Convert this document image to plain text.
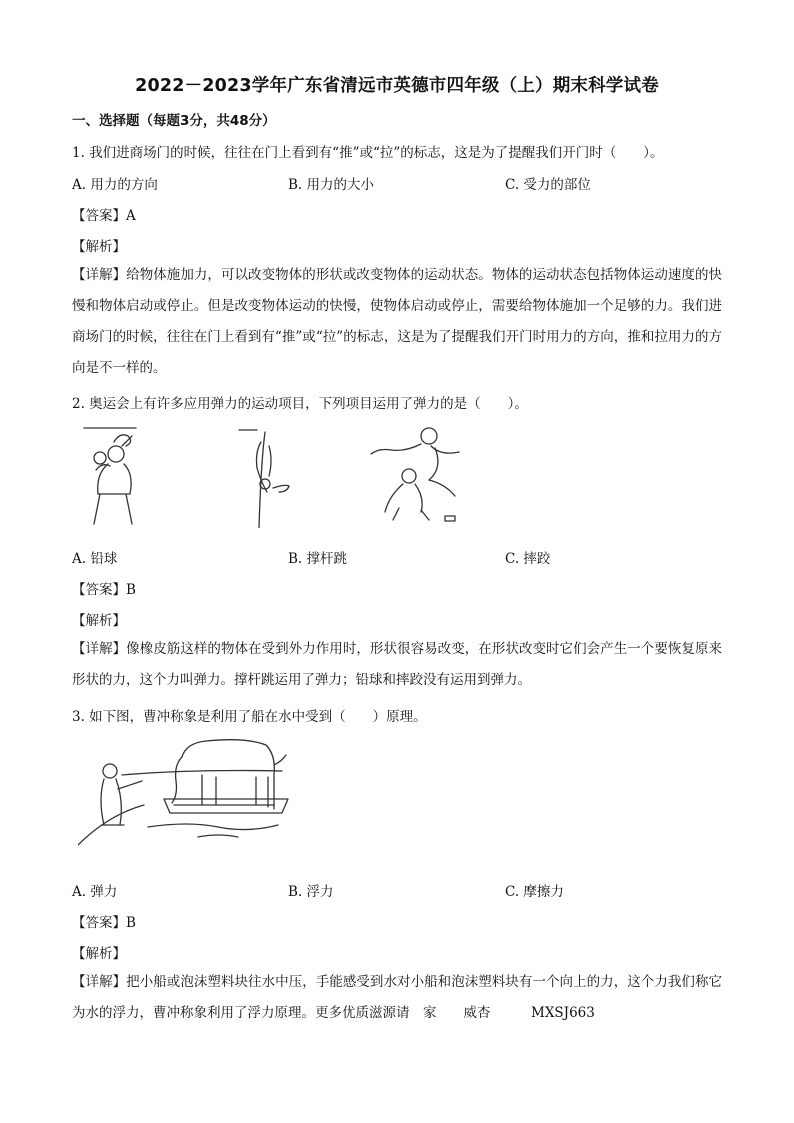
2022－2023学年广东省清远市英德市四年级（上）期末科学试卷
一、选择题（每题3分，共48分）
1. 我们进商场门的时候，往往在门上看到有“推”或“拉”的标志，这是为了提醒我们开门时（　　）。
A. 用力的方向	B. 用力的大小	C. 受力的部位
【答案】A
【解析】
【详解】给物体施加力，可以改变物体的形状或改变物体的运动状态。物体的运动状态包括物体运动速度的快慢和物体启动或停止。但是改变物体运动的快慢，使物体启动或停止，需要给物体施加一个足够的力。我们进商场门的时候，往往在门上看到有“推”或“拉”的标志，这是为了提醒我们开门时用力的方向，推和拉用力的方向是不一样的。
2. 奥运会上有许多应用弹力的运动项目，下列项目运用了弹力的是（　　）。
A. 铅球	B. 撑杆跳	C. 摔跤
【答案】B
【解析】
【详解】像橡皮筋这样的物体在受到外力作用时，形状很容易改变，在形状改变时它们会产生一个要恢复原来形状的力，这个力叫弹力。撑杆跳运用了弹力；铅球和摔跤没有运用到弹力。
3. 如下图，曹冲称象是利用了船在水中受到（　　）原理。
A. 弹力	B. 浮力	C. 摩擦力
【答案】B
【解析】
【详解】把小船或泡沫塑料块往水中压，手能感受到水对小船和泡沫塑料块有一个向上的力，这个力我们称它为水的浮力，曹冲称象利用了浮力原理。更多优质滋源请　家　　威杏　　　MXSJ663
